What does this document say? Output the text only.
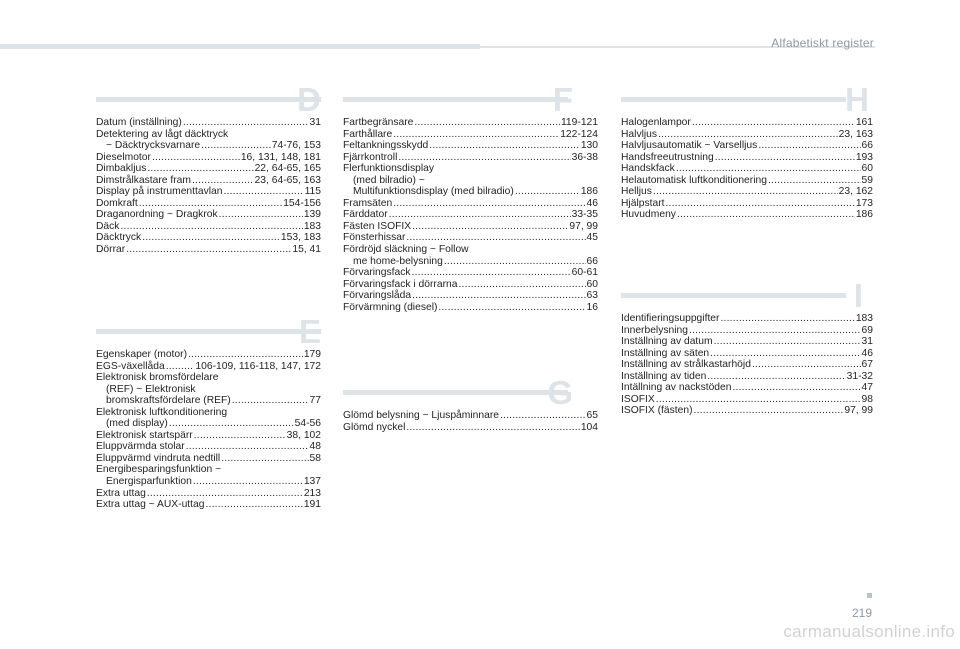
Alfabetiskt register
D
Datum (inställning) .....	31
Detektering av lågt däcktryck
~ Däcktrycksvarnare .....	74-76, 153
Dieselmotor .....	16, 131, 148, 181
Dimbakljus .....	22, 64-65, 165
Dimstrålkastare fram .....	23, 64-65, 163
Display på instrumenttavlan .....	115
Domkraft .....	154-156
Draganordning ~ Dragkrok .....	139
Däck .....	183
Däcktryck .....	153, 183
Dörrar .....	15, 41
E
Egenskaper (motor) .....	179
EGS-växellåda .....	106-109, 116-118, 147, 172
Elektronisk bromsfördelare
(REF) ~ Elektronisk
bromskraftsfördelare (REF) .....	77
Elektronisk luftkonditionering
(med display) .....	54-56
Elektronisk startspärr .....	38, 102
Eluppvärmda stolar .....	48
Eluppvärmd vindruta nedtill .....	58
Energibesparingsfunktion ~
Energisparfunktion .....	137
Extra uttag .....	213
Extra uttag ~ AUX-uttag .....	191
F
Fartbegränsare .....	119-121
Farthållare .....	122-124
Feltankningsskydd .....	130
Fjärrkontroll .....	36-38
Flerfunktionsdisplay
(med bilradio) ~
Multifunktionsdisplay (med bilradio) .....	186
Framsäten .....	46
Färddator .....	33-35
Fästen ISOFIX .....	97, 99
Fönsterhissar .....	45
Fördröjd släckning ~ Follow
me home-belysning .....	66
Förvaringsfack .....	60-61
Förvaringsfack i dörrarna .....	60
Förvaringslåda .....	63
Förvärmning (diesel) .....	16
G
Glömd belysning ~ Ljuspåminnare .....	65
Glömd nyckel .....	104
H
Halogenlampor .....	161
Halvljus .....	23, 163
Halvljusautomatik ~ Varselljus .....	66
Handsfreeutrustning .....	193
Handskfack .....	60
Helautomatisk luftkonditionering .....	59
Helljus .....	23, 162
Hjälpstart .....	173
Huvudmeny .....	186
I
Identifieringsuppgifter .....	183
Innerbelysning .....	69
Inställning av datum .....	31
Inställning av säten .....	46
Inställning av strålkastarhöjd .....	67
Inställning av tiden .....	31-32
Intällning av nackstöden .....	47
ISOFIX .....	98
ISOFIX (fästen) .....	97, 99
219
carmanualsonline.info
